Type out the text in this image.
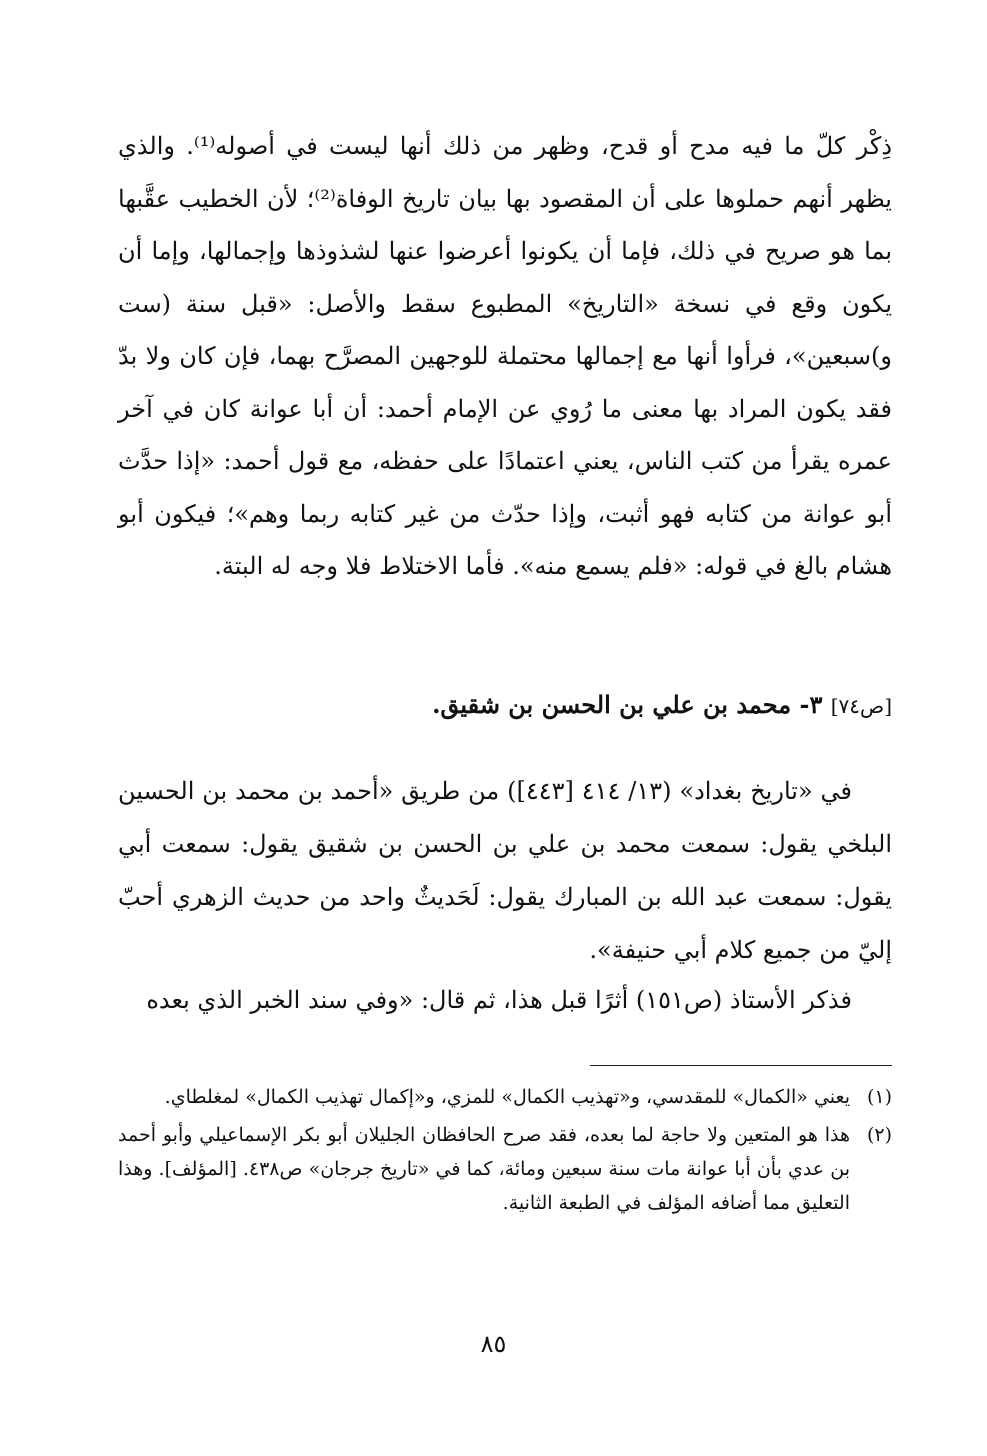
ذِكْر كلّ ما فيه مدح أو قدح، وظهر من ذلك أنها ليست في أصوله⁽¹⁾. والذي يظهر أنهم حملوها على أن المقصود بها بيان تاريخ الوفاة⁽²⁾؛ لأن الخطيب عقَّبها بما هو صريح في ذلك، فإما أن يكونوا أعرضوا عنها لشذوذها وإجمالها، وإما أن يكون وقع في نسخة «التاريخ» المطبوع سقط والأصل: «قبل سنة (ست و)سبعين»، فرأوا أنها مع إجمالها محتملة للوجهين المصرَّح بهما، فإن كان ولا بدّ فقد يكون المراد بها معنى ما رُوي عن الإمام أحمد: أن أبا عوانة كان في آخر عمره يقرأ من كتب الناس، يعني اعتمادًا على حفظه، مع قول أحمد: «إذا حدَّث أبو عوانة من كتابه فهو أثبت، وإذا حدّث من غير كتابه ربما وهم»؛ فيكون أبو هشام بالغ في قوله: «فلم يسمع منه». فأما الاختلاط فلا وجه له البتة.
[ص٧٤] ٣- محمد بن علي بن الحسن بن شقيق.
في «تاريخ بغداد» (١٣/ ٤١٤ [٤٤٣]) من طريق «أحمد بن محمد بن الحسين البلخي يقول: سمعت محمد بن علي بن الحسن بن شقيق يقول: سمعت أبي يقول: سمعت عبد الله بن المبارك يقول: لَحَديثٌ واحد من حديث الزهري أحبّ إليّ من جميع كلام أبي حنيفة».
فذكر الأستاذ (ص١٥١) أثرًا قبل هذا، ثم قال: «وفي سند الخبر الذي بعده
(١)
يعني «الكمال» للمقدسي، و«تهذيب الكمال» للمزي، و«إكمال تهذيب الكمال» لمغلطاي.
(٢)
هذا هو المتعين ولا حاجة لما بعده، فقد صرح الحافظان الجليلان أبو بكر الإسماعيلي وأبو أحمد بن عدي بأن أبا عوانة مات سنة سبعين ومائة، كما في «تاريخ جرجان» ص٤٣٨. [المؤلف]. وهذا التعليق مما أضافه المؤلف في الطبعة الثانية.
٨٥
